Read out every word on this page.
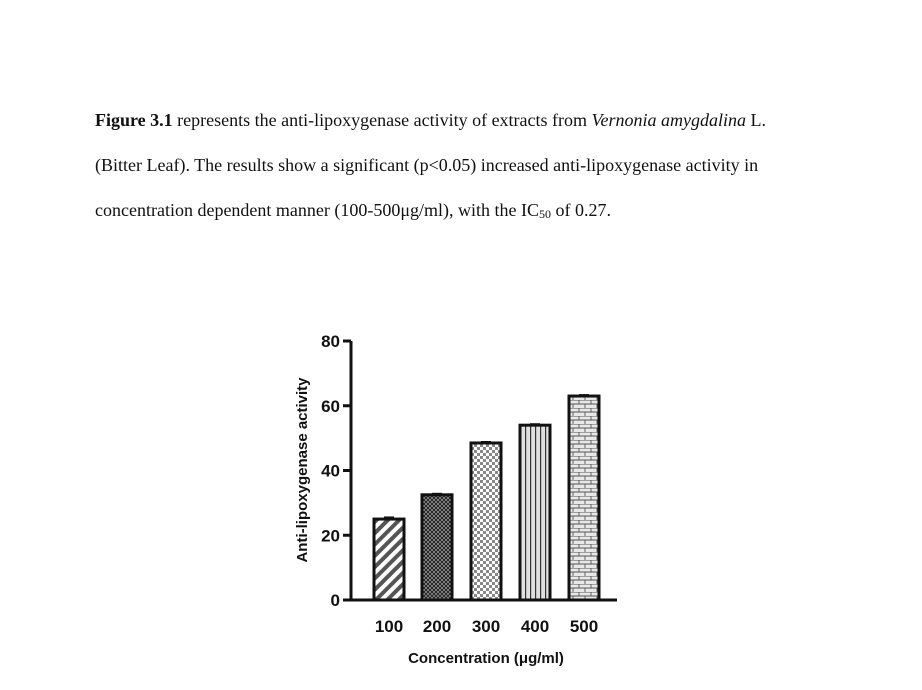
Figure 3.1 represents the anti-lipoxygenase activity of extracts from Vernonia amygdalina L.

(Bitter Leaf). The results show a significant (p<0.05) increased anti-lipoxygenase activity in

concentration dependent manner (100-500μg/ml), with the $IC_{50}$ of 0.27.

0
20
40
60
80
100 200 300 400 500
Concentration (μg/ml)
Anti-lipoxygenase activity
